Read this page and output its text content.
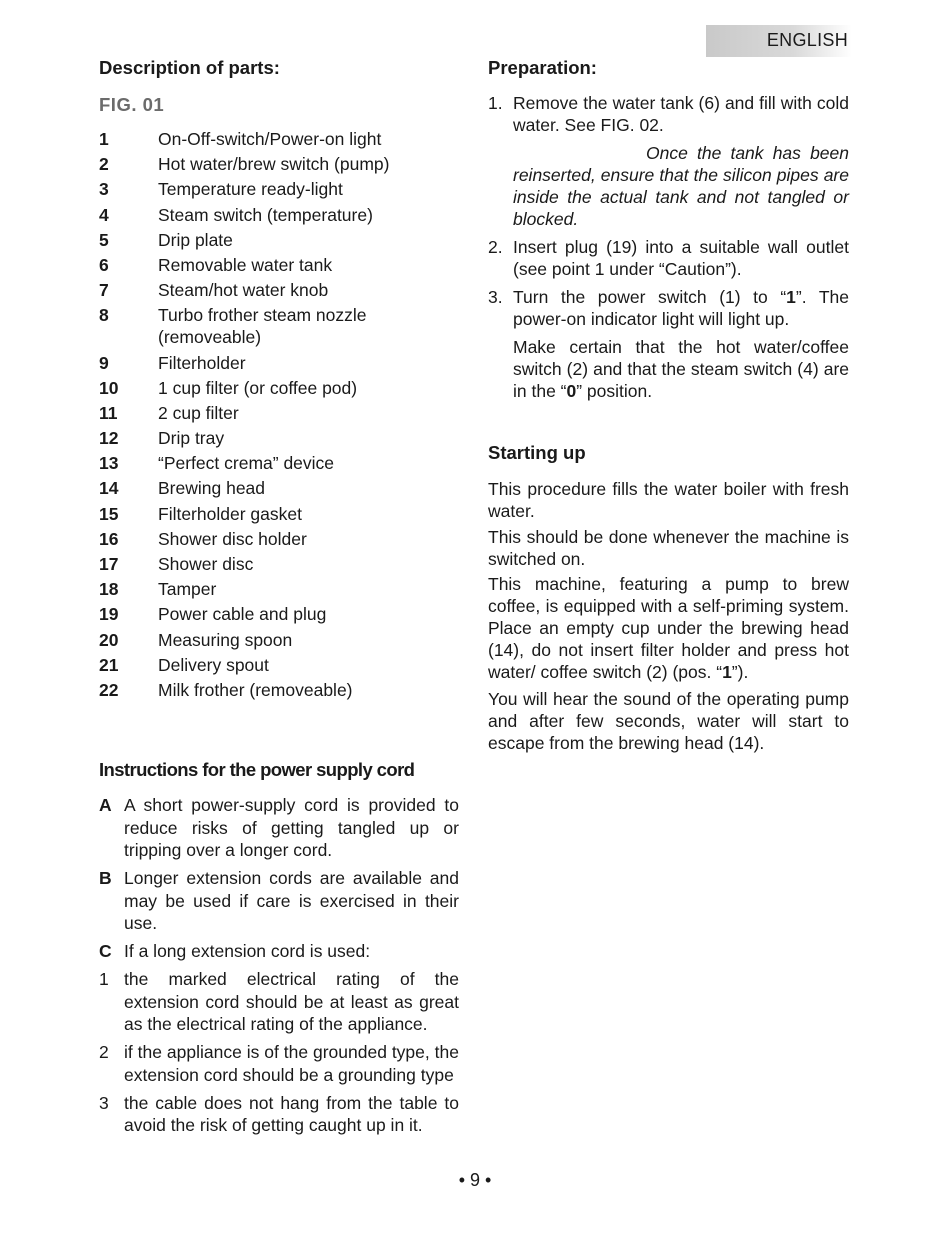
ENGLISH
Description of parts:
FIG. 01
1	On-Off-switch/Power-on light
2	Hot water/brew switch (pump)
3	Temperature ready-light
4	Steam switch (temperature)
5	Drip plate
6	Removable water tank
7	Steam/hot water knob
8	Turbo frother steam nozzle (removeable)
9	Filterholder
10 1 cup filter (or coffee pod)
11 2 cup filter
12 Drip tray
13 “Perfect crema” device
14 Brewing head
15 Filterholder gasket
16 Shower disc holder
17 Shower disc
18 Tamper
19 Power cable and plug
20 Measuring spoon
21 Delivery spout
22 Milk frother (removeable)
Instructions for the power supply cord
A A short power-supply cord is provided to reduce risks of getting tangled up or tripping over a longer cord.
B Longer extension cords are available and may be used if care is exercised in their use.
C If a long extension cord is used:
1 the marked electrical rating of the extension cord should be at least as great as the electrical rating of the appliance.
2 if the appliance is of the grounded type, the extension cord should be a grounding type
3 the cable does not hang from the table to avoid the risk of getting caught up in it.
Preparation:
1. Remove the water tank (6) and fill with cold water. See FIG. 02.
Once the tank has been reinserted, ensure that the silicon pipes are inside the actual tank and not tangled or blocked.
2. Insert plug (19) into a suitable wall outlet (see point 1 under “Caution”).
3. Turn the power switch (1) to “1”. The power-on indicator light will light up.
Make certain that the hot water/coffee switch (2) and that the steam switch (4) are in the “0” position.
Starting up

This procedure fills the water boiler with fresh water.

This should be done whenever the machine is switched on.

This machine, featuring a pump to brew coffee, is equipped with a self-priming system. Place an empty cup under the brewing head (14), do not insert filter holder and press hot water/ coffee switch (2) (pos. “1”).

You will hear the sound of the operating pump and after few seconds, water will start to escape from the brewing head (14).

• 9 •
